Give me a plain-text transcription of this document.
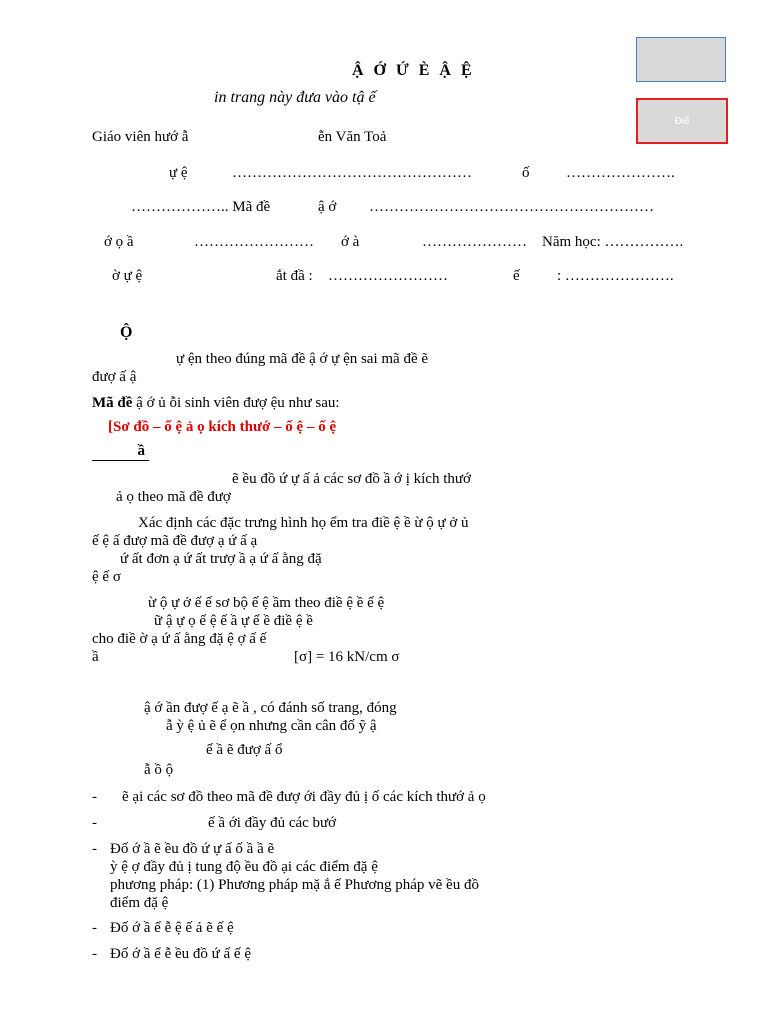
Điể
Ậ Ớ Ứ È Ậ Ệ
in trang này đưa vào tậ ế
Giáo viên hướ ẫ	ễn Văn Toả
ự ệ	…………………………………………	ố ………………….
……………….. Mã đề	ậ ớ …………………………………………………
ớ ọ ầ	…………………… ớ à	………………… Năm học: …………….
ờ ự ệ	ắt đầ : ……………………	ế : ………………….
Ộ
ự ện theo đúng mã đề ậ ớ ự ện sai mã đề ẽ
đượ ấ ậ
Mã đề ậ ớ ủ ỗi sinh viên đượ ệu như sau:
[Sơ đồ – ố ệ ả ọ kích thướ – ố ệ – ố ệ
ầ
ẽ ều đồ ứ ự ấ ả các sơ đồ ầ ớ ị kích thướ
ả ọ theo mã đề đượ
Xác định các đặc trưng hình họ ểm tra điề ệ ề ừ ộ ự ở ủ
ế ệ ấ đượ mã đề đượ ạ ứ ấ ạ
ứ ất đơn ạ ứ ất trượ ầ ạ ứ ấ ằng đặ
ệ ế σ
ừ ộ ự ở ế ế sơ bộ ế ệ ầm theo điề ệ ề ế ệ
ữ ậ ự ọ ế ệ ế ầ ự ế ề điề ệ ề
cho điề ờ ạ ứ ấ ằng đặ ệ ợ ấ ế
ầ	[σ] = 16 kN/cm σ
ậ ớ ần đượ ế ạ ẽ ầ , có đánh số trang, đóng
ẫ ỳ ệ ủ ẽ ể ọn nhưng cần cân đố ỹ ậ
ế ầ ẽ đượ ấ ổ
ẫ ồ ộ
- ẽ ại các sơ đồ theo mã đề đượ ới đầy đủ ị ố các kích thướ ả ọ
-	ế ầ ới đầy đủ các bướ
- Đố ớ ầ ẽ ều đồ ứ ự ấ ố ầ ầ ẽ
ỳ ệ ợ đầy đủ ị tung độ ều đồ ại các điểm đặ ệ
phương pháp: (1) Phương pháp mặ ắ ế Phương pháp vẽ ều đồ
điểm đặ ệ
- Đố ớ ầ ể ễ ệ ế ả ẽ ế ệ
- Đố ớ ầ ể ễ ều đồ ứ ấ ế ệ
